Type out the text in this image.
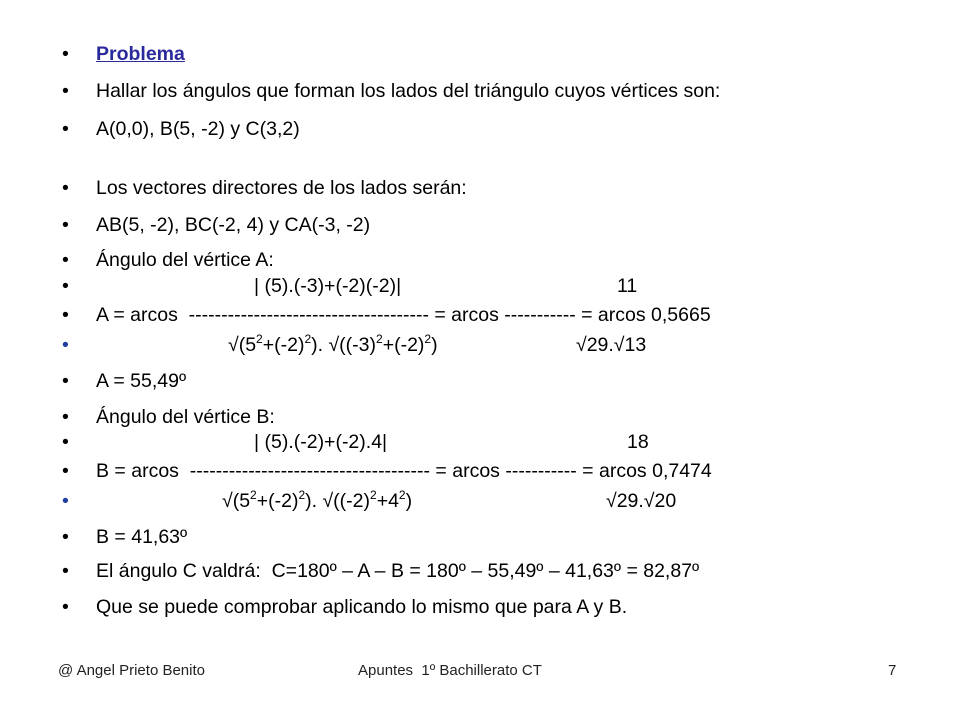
•

Problema

•

Hallar los ángulos que forman los lados del triángulo cuyos vértices son:

•

A(0,0), B(5, -2) y C(3,2)

•

Los vectores directores de los lados serán:

•

AB(5, -2), BC(-2, 4) y CA(-3, -2)

•

Ángulo del vértice A:

•

	| (5).(-3)+(-2)(-2)|

	11

•

A = arcos  ------------------------------------- = arcos ----------- = arcos 0,5665

•

	$√(5^2+(-2)^2)$. $√((-3)^2+(-2)^2)$

	√29.√13

•

A = 55,49º

•

Ángulo del vértice B:

•

	| (5).(-2)+(-2).4|

	18

•

B = arcos  ------------------------------------- = arcos ----------- = arcos 0,7474

•

	$√(5^2+(-2)^2)$. $√((-2)^2+4^2)$

	√29.√20

•

B = 41,63º

•

El ángulo C valdrá:  C=180º – A – B = 180º – 55,49º – 41,63º = 82,87º

•

Que se puede comprobar aplicando lo mismo que para A y B.

@ Angel Prieto Benito	Apuntes  1º Bachillerato CT	7
